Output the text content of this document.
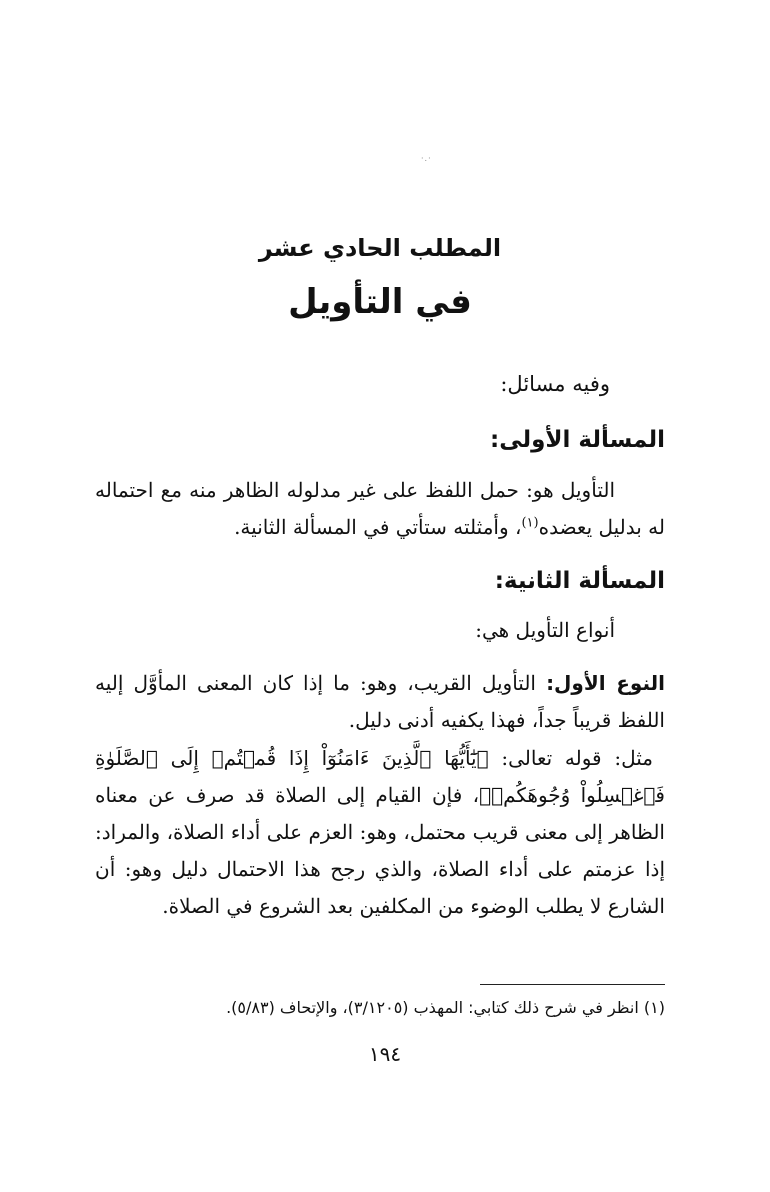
·.·
المطلب الحادي عشر
في التأويل
وفيه مسائل:
المسألة الأولى:
التأويل هو: حمل اللفظ على غير مدلوله الظاهر منه مع احتماله له بدليل يعضده$^{(١)}$، وأمثلته ستأتي في المسألة الثانية.
المسألة الثانية:
أنواع التأويل هي:
النوع الأول: التأويل القريب، وهو: ما إذا كان المعنى المأوَّل إليه اللفظ قريباً جداً، فهذا يكفيه أدنى دليل.
مثل: قوله تعالى: ﴿يَٰٓأَيُّهَا ٱلَّذِينَ ءَامَنُوٓاْ إِذَا قُمۡتُمۡ إِلَى ٱلصَّلَوٰةِ فَٱغۡسِلُواْ وُجُوهَكُمۡ﴾، فإن القيام إلى الصلاة قد صرف عن معناه الظاهر إلى معنى قريب محتمل، وهو: العزم على أداء الصلاة، والمراد: إذا عزمتم على أداء الصلاة، والذي رجح هذا الاحتمال دليل وهو: أن الشارع لا يطلب الوضوء من المكلفين بعد الشروع في الصلاة.
(١) انظر في شرح ذلك كتابي: المهذب (٣/١٢٠٥)، والإتحاف (٥/٨٣).
١٩٤
